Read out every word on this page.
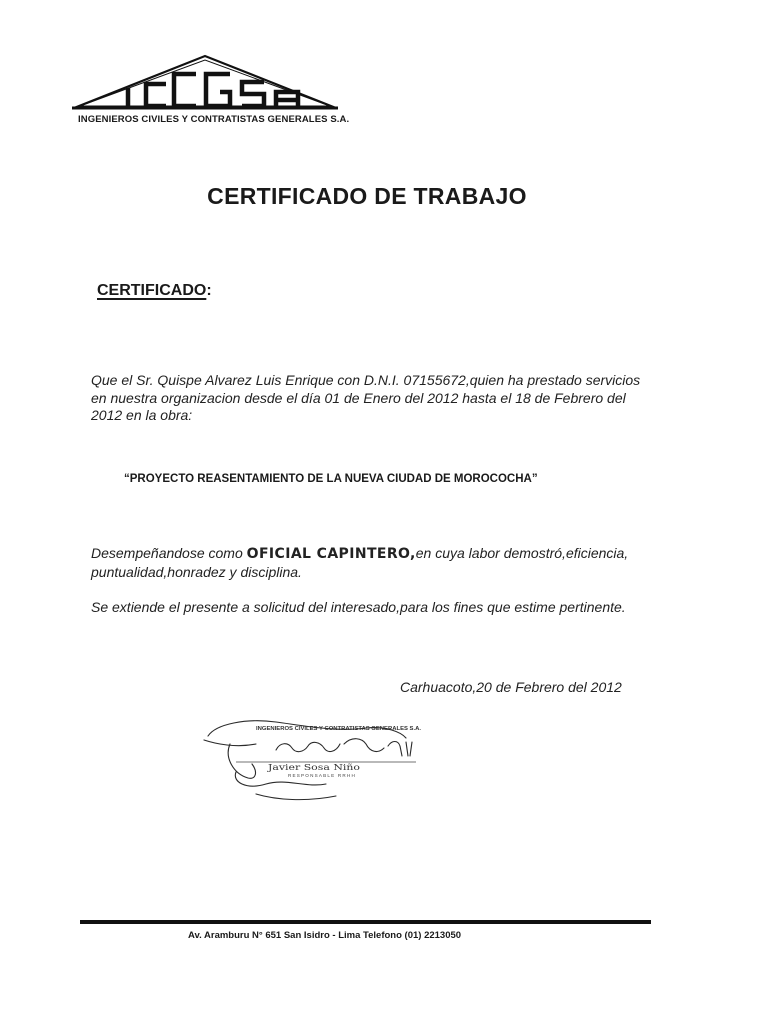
INGENIEROS CIVILES Y CONTRATISTAS GENERALES S.A.
CERTIFICADO DE TRABAJO
CERTIFICADO:
Que el Sr. Quispe Alvarez Luis Enrique con D.N.I. 07155672,quien ha prestado servicios en nuestra organizacion desde el día 01 de Enero del 2012 hasta el 18 de Febrero del 2012 en la obra:
“PROYECTO REASENTAMIENTO DE LA NUEVA CIUDAD DE MOROCOCHA”
Desempeñandose como OFICIAL CAPINTERO,en cuya labor demostró,eficiencia, puntualidad,honradez y disciplina.
Se extiende el presente a solicitud del interesado,para los fines que estime pertinente.
Carhuacoto,20 de Febrero del 2012
INGENIEROS CIVILES Y CONTRATISTAS GENERALES S.A.
Javier Sosa Niño
RESPONSABLE RRHH
Av. Aramburu N° 651 San Isidro - Lima Telefono (01) 2213050
